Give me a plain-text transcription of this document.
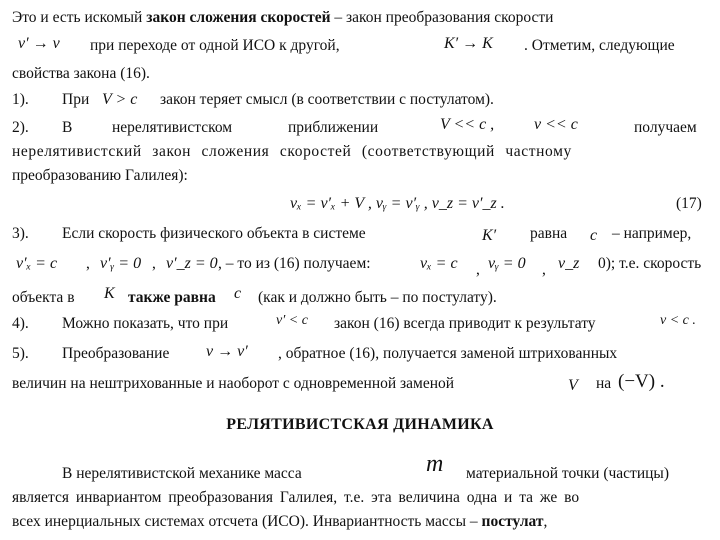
Это и есть искомый закон сложения скоростей – закон преобразования скорости
v′ → v при переходе от одной ИСО к другой,	K′ → K . Отметим, следующие
свойства закона (16).
1). При V > c закон теряет смысл (в соответствии с постулатом).
2). В	нерелятивистском	приближении	V << c , v << c	получаем
нерелятивистский закон сложения скоростей (соответствующий частному
преобразованию Галилея):
vₓ = v′ₓ + V , vᵧ = v′ᵧ , v_z = v′_z .	(17)
3). Если скорость физического объекта в системе	K′ равна c – например,
v′ₓ = c , v′ᵧ = 0 , v′_z = 0 , – то из (16) получаем:	vₓ = c , vᵧ = 0 , v_z 0); т.е. скорость
объекта в K также равна c (как и должно быть – по постулату).
4). Можно показать, что при	v′ < c закон (16) всегда приводит к результату	v < c .
5). Преобразование v → v′ , обратное (16), получается заменой штрихованных
величин на нештрихованные и наоборот с одновременной заменой	V на (−V) .
РЕЛЯТИВИСТСКАЯ ДИНАМИКА
В нерелятивистской механике масса	m материальной точки (частицы)
является инвариантом преобразования Галилея, т.е. эта величина одна и та же во
всех инерциальных системах отсчета (ИСО). Инвариантность массы – постулат,
